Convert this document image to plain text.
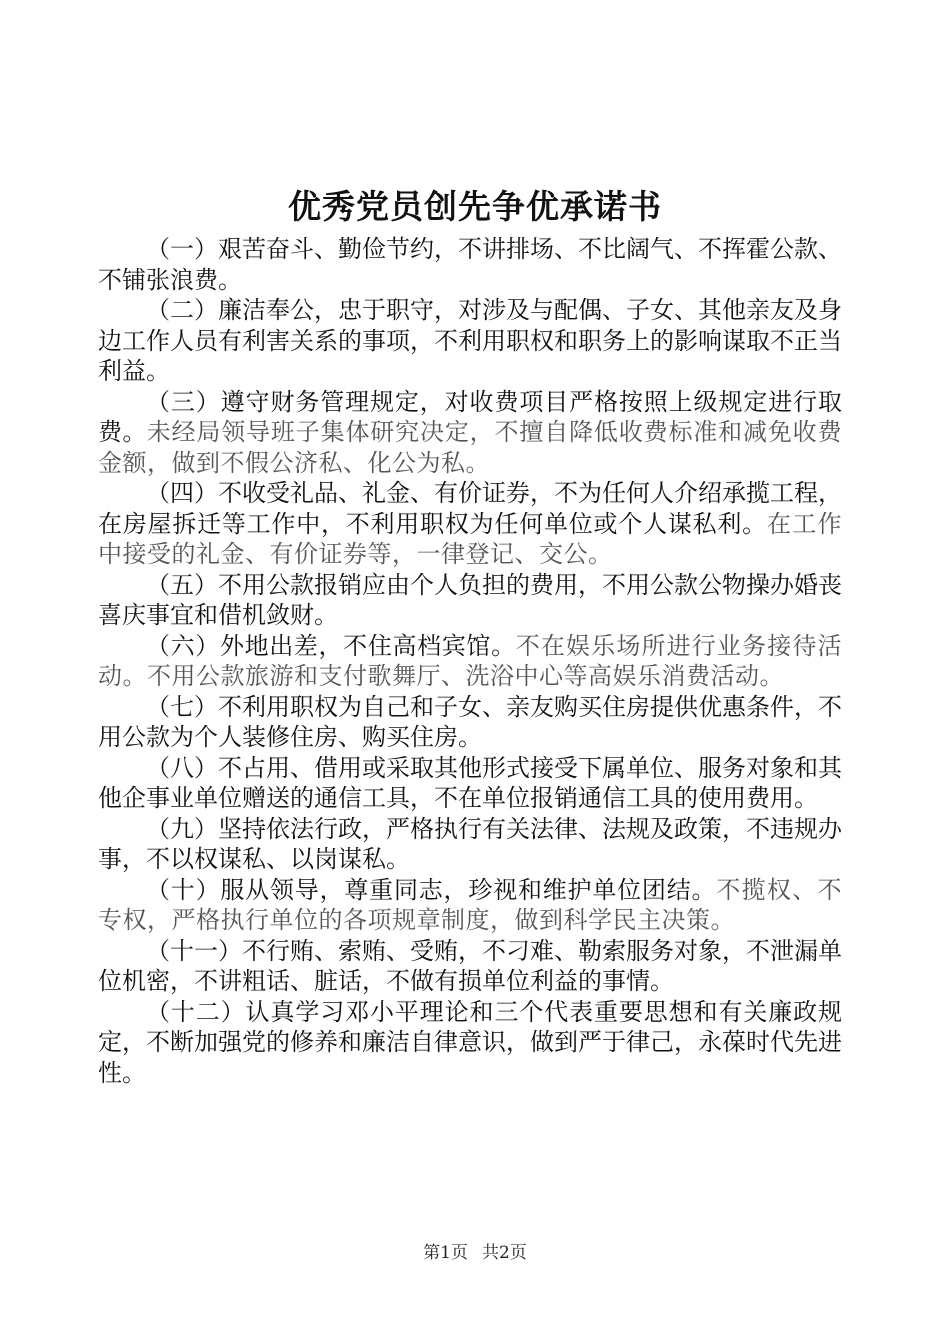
优秀党员创先争优承诺书

（一）艰苦奋斗、勤俭节约，不讲排场、不比阔气、不挥霍公款、不铺张浪费。

（二）廉洁奉公，忠于职守，对涉及与配偶、子女、其他亲友及身边工作人员有利害关系的事项，不利用职权和职务上的影响谋取不正当利益。

（三）遵守财务管理规定，对收费项目严格按照上级规定进行取费。未经局领导班子集体研究决定，不擅自降低收费标准和减免收费金额，做到不假公济私、化公为私。

（四）不收受礼品、礼金、有价证券，不为任何人介绍承揽工程，在房屋拆迁等工作中，不利用职权为任何单位或个人谋私利。在工作中接受的礼金、有价证券等，一律登记、交公。

（五）不用公款报销应由个人负担的费用，不用公款公物操办婚丧喜庆事宜和借机敛财。

（六）外地出差，不住高档宾馆。不在娱乐场所进行业务接待活动。不用公款旅游和支付歌舞厅、洗浴中心等高娱乐消费活动。

（七）不利用职权为自己和子女、亲友购买住房提供优惠条件，不用公款为个人装修住房、购买住房。

（八）不占用、借用或采取其他形式接受下属单位、服务对象和其他企事业单位赠送的通信工具，不在单位报销通信工具的使用费用。

（九）坚持依法行政，严格执行有关法律、法规及政策，不违规办事，不以权谋私、以岗谋私。

（十）服从领导，尊重同志，珍视和维护单位团结。不揽权、不专权，严格执行单位的各项规章制度，做到科学民主决策。

（十一）不行贿、索贿、受贿，不刁难、勒索服务对象，不泄漏单位机密，不讲粗话、脏话，不做有损单位利益的事情。

（十二）认真学习邓小平理论和三个代表重要思想和有关廉政规定，不断加强党的修养和廉洁自律意识，做到严于律己，永葆时代先进性。

第1页 共2页
